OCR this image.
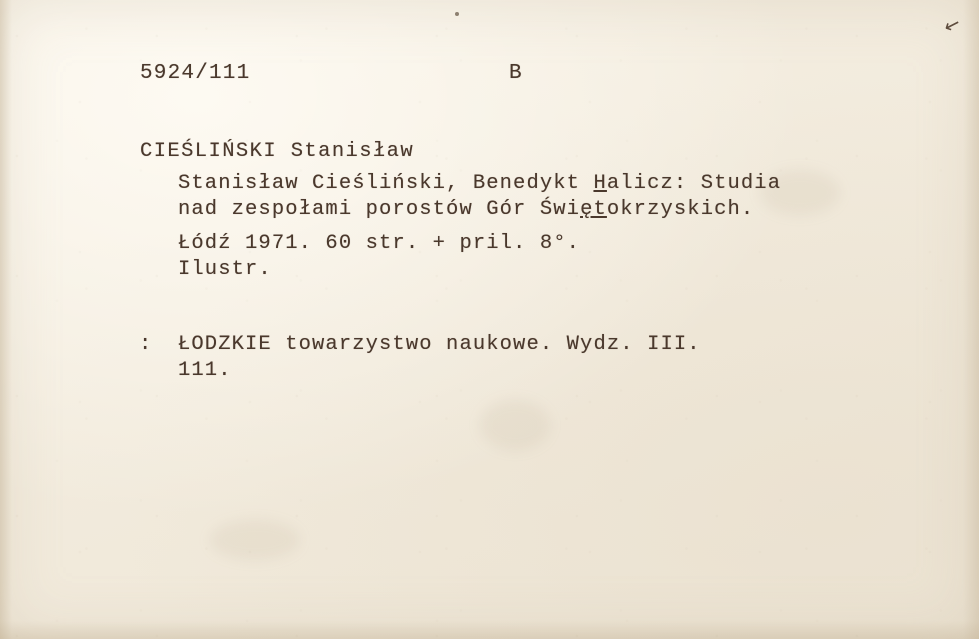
↙
5924/111	B
CIEŚLIŃSKI Stanisław
Stanisław Cieśliński, Benedykt Halicz: Studia
nad zespołami porostów Gór Świętokrzyskich.
Łódź 1971. 60 str. + pril. 8°.
Ilustr.
: ŁODZKIE towarzystwo naukowe. Wydz. III.
111.
